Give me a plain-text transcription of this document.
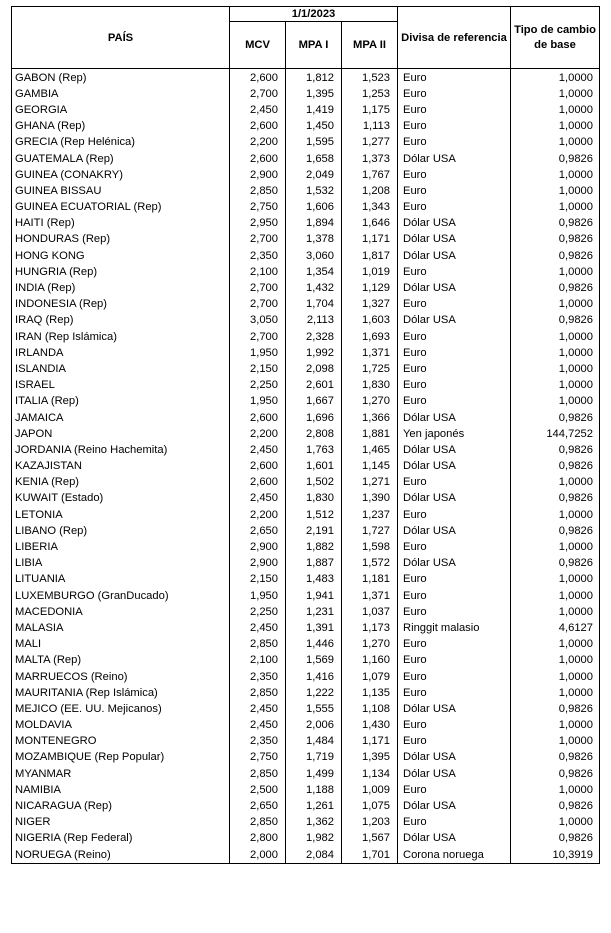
PAÍS	1/1/2023			Divisa de referencia	Tipo de cambio de base
	MCV	MPA I	MPA II		
GABON (Rep)	2,600	1,812	1,523	Euro	1,0000
GAMBIA	2,700	1,395	1,253	Euro	1,0000
GEORGIA	2,450	1,419	1,175	Euro	1,0000
GHANA (Rep)	2,600	1,450	1,113	Euro	1,0000
GRECIA (Rep Helénica)	2,200	1,595	1,277	Euro	1,0000
GUATEMALA (Rep)	2,600	1,658	1,373	Dólar USA	0,9826
GUINEA (CONAKRY)	2,900	2,049	1,767	Euro	1,0000
GUINEA BISSAU	2,850	1,532	1,208	Euro	1,0000
GUINEA ECUATORIAL (Rep)	2,750	1,606	1,343	Euro	1,0000
HAITI (Rep)	2,950	1,894	1,646	Dólar USA	0,9826
HONDURAS (Rep)	2,700	1,378	1,171	Dólar USA	0,9826
HONG KONG	2,350	3,060	1,817	Dólar USA	0,9826
HUNGRIA (Rep)	2,100	1,354	1,019	Euro	1,0000
INDIA (Rep)	2,700	1,432	1,129	Dólar USA	0,9826
INDONESIA (Rep)	2,700	1,704	1,327	Euro	1,0000
IRAQ (Rep)	3,050	2,113	1,603	Dólar USA	0,9826
IRAN (Rep Islámica)	2,700	2,328	1,693	Euro	1,0000
IRLANDA	1,950	1,992	1,371	Euro	1,0000
ISLANDIA	2,150	2,098	1,725	Euro	1,0000
ISRAEL	2,250	2,601	1,830	Euro	1,0000
ITALIA (Rep)	1,950	1,667	1,270	Euro	1,0000
JAMAICA	2,600	1,696	1,366	Dólar USA	0,9826
JAPON	2,200	2,808	1,881	Yen japonés	144,7252
JORDANIA (Reino Hachemita)	2,450	1,763	1,465	Dólar USA	0,9826
KAZAJISTAN	2,600	1,601	1,145	Dólar USA	0,9826
KENIA (Rep)	2,600	1,502	1,271	Euro	1,0000
KUWAIT (Estado)	2,450	1,830	1,390	Dólar USA	0,9826
LETONIA	2,200	1,512	1,237	Euro	1,0000
LIBANO (Rep)	2,650	2,191	1,727	Dólar USA	0,9826
LIBERIA	2,900	1,882	1,598	Euro	1,0000
LIBIA	2,900	1,887	1,572	Dólar USA	0,9826
LITUANIA	2,150	1,483	1,181	Euro	1,0000
LUXEMBURGO (GranDucado)	1,950	1,941	1,371	Euro	1,0000
MACEDONIA	2,250	1,231	1,037	Euro	1,0000
MALASIA	2,450	1,391	1,173	Ringgit malasio	4,6127
MALI	2,850	1,446	1,270	Euro	1,0000
MALTA (Rep)	2,100	1,569	1,160	Euro	1,0000
MARRUECOS (Reino)	2,350	1,416	1,079	Euro	1,0000
MAURITANIA (Rep Islámica)	2,850	1,222	1,135	Euro	1,0000
MEJICO (EE. UU. Mejicanos)	2,450	1,555	1,108	Dólar USA	0,9826
MOLDAVIA	2,450	2,006	1,430	Euro	1,0000
MONTENEGRO	2,350	1,484	1,171	Euro	1,0000
MOZAMBIQUE (Rep Popular)	2,750	1,719	1,395	Dólar USA	0,9826
MYANMAR	2,850	1,499	1,134	Dólar USA	0,9826
NAMIBIA	2,500	1,188	1,009	Euro	1,0000
NICARAGUA (Rep)	2,650	1,261	1,075	Dólar USA	0,9826
NIGER	2,850	1,362	1,203	Euro	1,0000
NIGERIA (Rep Federal)	2,800	1,982	1,567	Dólar USA	0,9826
NORUEGA (Reino)	2,000	2,084	1,701	Corona noruega	10,3919
